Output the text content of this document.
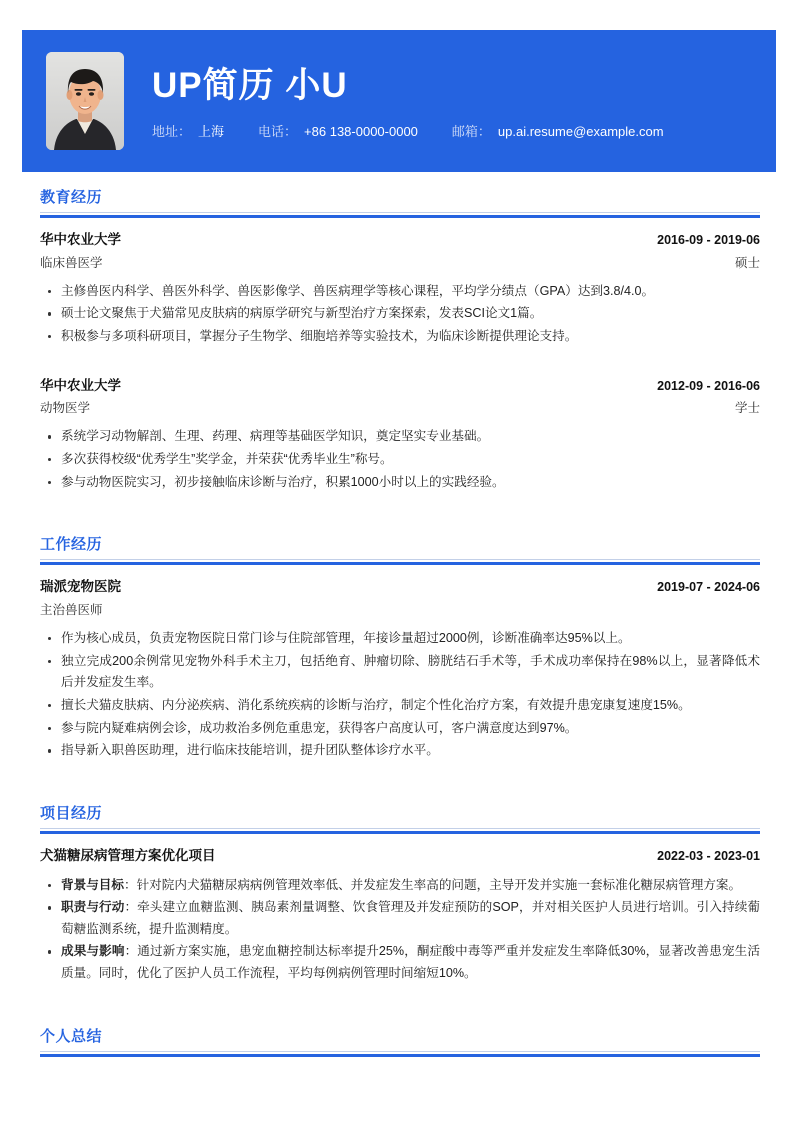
UP简历 小U
地址： 上海	电话： +86 138-0000-0000	邮箱： up.ai.resume@example.com
教育经历
华中农业大学	2016-09 - 2019-06
临床兽医学	硕士
主修兽医内科学、兽医外科学、兽医影像学、兽医病理学等核心课程，平均学分绩点（GPA）达到3.8/4.0。
硕士论文聚焦于犬猫常见皮肤病的病原学研究与新型治疗方案探索，发表SCI论文1篇。
积极参与多项科研项目，掌握分子生物学、细胞培养等实验技术，为临床诊断提供理论支持。
华中农业大学	2012-09 - 2016-06
动物医学	学士
系统学习动物解剖、生理、药理、病理等基础医学知识，奠定坚实专业基础。
多次获得校级“优秀学生”奖学金，并荣获“优秀毕业生”称号。
参与动物医院实习，初步接触临床诊断与治疗，积累1000小时以上的实践经验。
工作经历
瑞派宠物医院	2019-07 - 2024-06
主治兽医师
作为核心成员，负责宠物医院日常门诊与住院部管理，年接诊量超过2000例，诊断准确率达95%以上。
独立完成200余例常见宠物外科手术主刀，包括绝育、肿瘤切除、膀胱结石手术等，手术成功率保持在98%以上，显著降低术后并发症发生率。
擅长犬猫皮肤病、内分泌疾病、消化系统疾病的诊断与治疗，制定个性化治疗方案，有效提升患宠康复速度15%。
参与院内疑难病例会诊，成功救治多例危重患宠，获得客户高度认可，客户满意度达到97%。
指导新入职兽医助理，进行临床技能培训，提升团队整体诊疗水平。
项目经历
犬猫糖尿病管理方案优化项目	2022-03 - 2023-01
背景与目标：针对院内犬猫糖尿病病例管理效率低、并发症发生率高的问题，主导开发并实施一套标准化糖尿病管理方案。
职责与行动：牵头建立血糖监测、胰岛素剂量调整、饮食管理及并发症预防的SOP，并对相关医护人员进行培训。引入持续葡萄糖监测系统，提升监测精度。
成果与影响：通过新方案实施，患宠血糖控制达标率提升25%，酮症酸中毒等严重并发症发生率降低30%，显著改善患宠生活质量。同时，优化了医护人员工作流程，平均每例病例管理时间缩短10%。
个人总结
